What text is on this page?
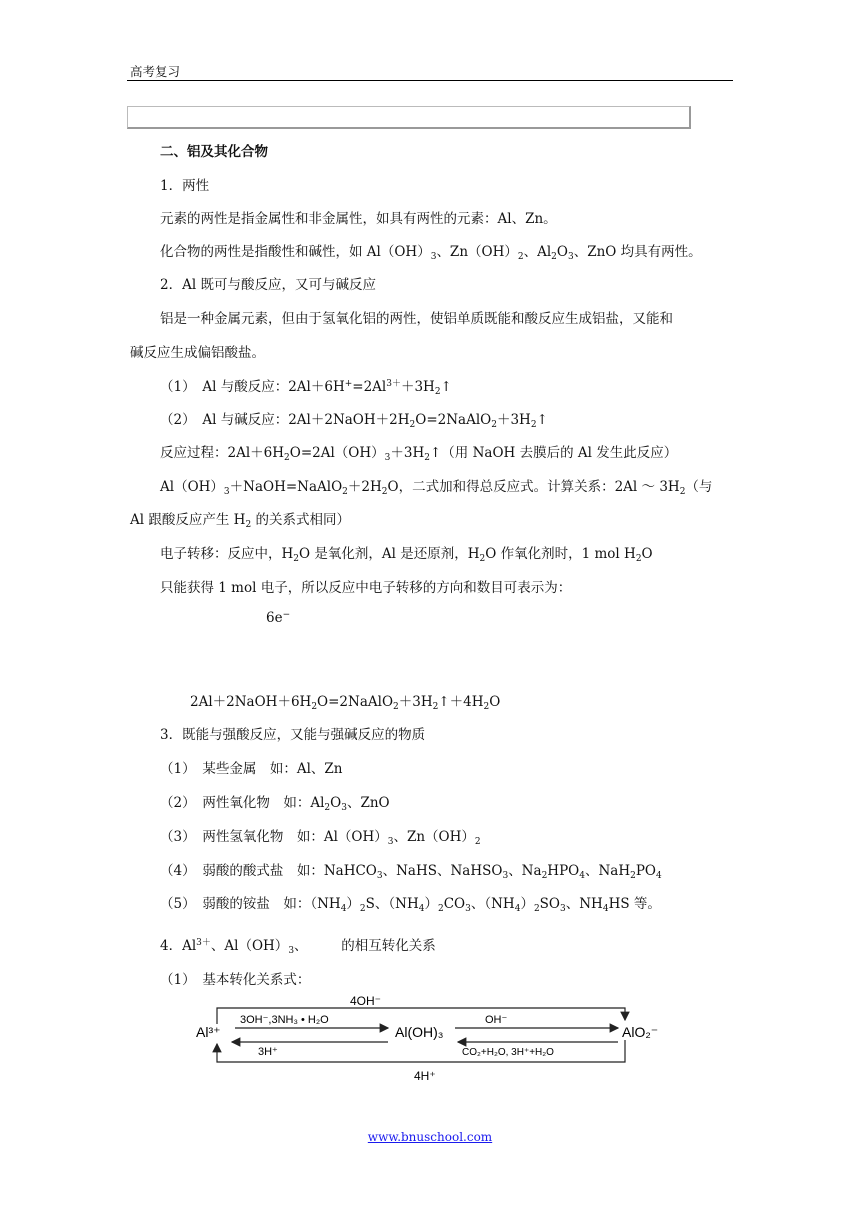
高考复习
二、铝及其化合物
1．两性
元素的两性是指金属性和非金属性，如具有两性的元素：Al、Zn。
化合物的两性是指酸性和碱性，如 $Al(OH)_3$、$Zn(OH)_2$、$Al_2O_3$、ZnO 均具有两性。
2．Al 既可与酸反应，又可与碱反应
铝是一种金属元素，但由于氢氧化铝的两性，使铝单质既能和酸反应生成铝盐，又能和
碱反应生成偏铝酸盐。
（1）　Al 与酸反应：$2Al+6H^+=2Al^{3+}+3H_2↑$
（2）　Al 与碱反应：$2Al+2NaOH+2H_2O=2NaAlO_2+3H_2↑$
反应过程：$2Al+6H_2O=2Al(OH)_3+3H_2↑$（用 NaOH 去膜后的 Al 发生此反应）
$Al(OH)_3+NaOH=NaAlO_2+2H_2O$，二式加和得总反应式。计算关系：2Al ～ $3H_2$（与
Al 跟酸反应产生 $H_2$ 的关系式相同）
电子转移：反应中，$H_2O$ 是氧化剂，Al 是还原剂，$H_2O$ 作氧化剂时，1 mol $H_2O$
只能获得 1 mol 电子，所以反应中电子转移的方向和数目可表示为：
6e−
$2Al+2NaOH+6H_2O=2NaAlO_2+3H_2↑+4H_2O$
3．既能与强酸反应，又能与强碱反应的物质
（1）　某些金属　如：Al、Zn
（2）　两性氧化物　如：$Al_2O_3$、ZnO
（3）　两性氢氧化物　如：$Al(OH)_3$、$Zn(OH)_2$
（4）　弱酸的酸式盐　如：NaHCO$_3$、NaHS、NaHSO$_3$、$Na_2HPO_4$、$NaH_2PO_4$
（5）　弱酸的铵盐　如：$(NH_4)_2S$、$(NH_4)_2CO_3$、$(NH_4)_2SO_3$、$NH_4HS$ 等。
4．$Al^{3+}$、$Al(OH)_3$、　　　的相互转化关系
（1）　基本转化关系式：
4OH⁻
4H⁺
Al³⁺	Al(OH)₃	AlO₂⁻
3OH⁻,3NH₃ • H₂O
3H⁺
OH⁻
CO₂+H₂O, 3H⁺+H₂O
www.bnuschool.com
